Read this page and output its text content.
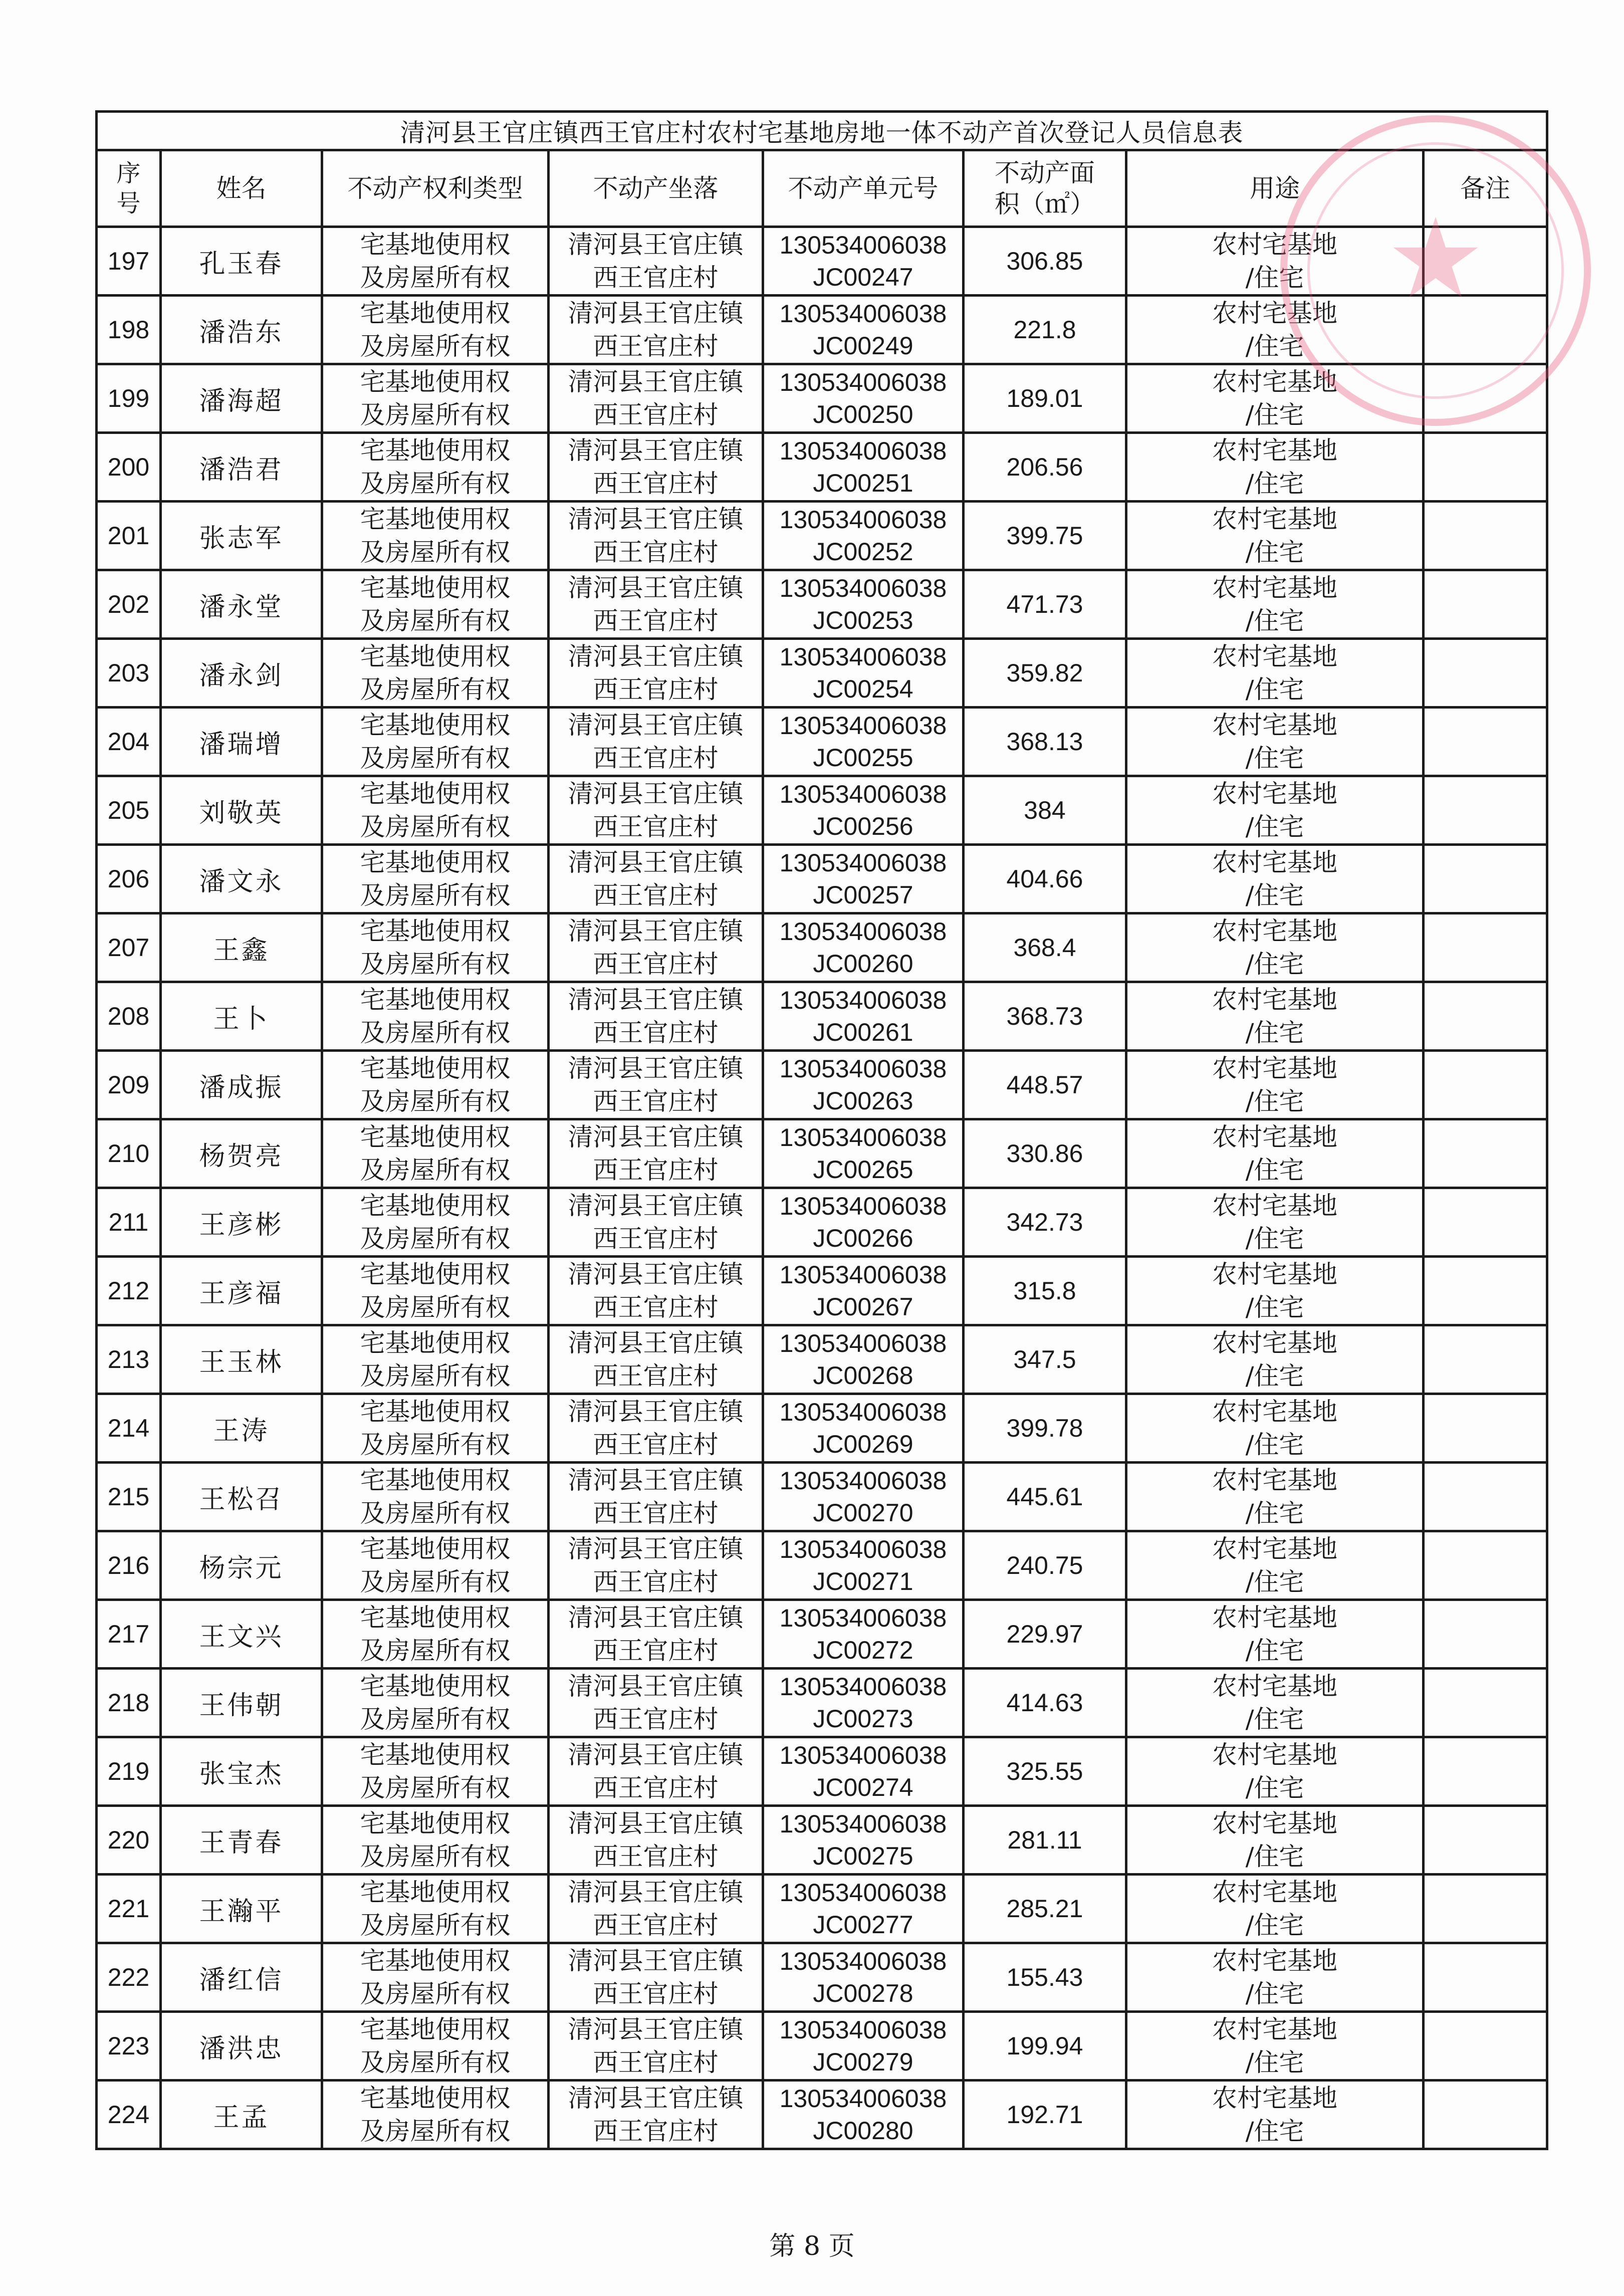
清河县王官庄镇西王官庄村农村宅基地房地一体不动产首次登记人员信息表							

序
号	姓名	不动产权利类型	不动产坐落	不动产单元号	不动产面
积（㎡）	用途	备注
197	孔玉春	宅基地使用权
及房屋所有权	清河县王官庄镇
西王官庄村	130534006038
JC00247	306.85	农村宅基地
/住宅	

198	潘浩东	宅基地使用权
及房屋所有权	清河县王官庄镇
西王官庄村	130534006038
JC00249	221.8	农村宅基地
/住宅	

199	潘海超	宅基地使用权
及房屋所有权	清河县王官庄镇
西王官庄村	130534006038
JC00250	189.01	农村宅基地
/住宅	

200	潘浩君	宅基地使用权
及房屋所有权	清河县王官庄镇
西王官庄村	130534006038
JC00251	206.56	农村宅基地
/住宅	

201	张志军	宅基地使用权
及房屋所有权	清河县王官庄镇
西王官庄村	130534006038
JC00252	399.75	农村宅基地
/住宅	

202	潘永堂	宅基地使用权
及房屋所有权	清河县王官庄镇
西王官庄村	130534006038
JC00253	471.73	农村宅基地
/住宅	

203	潘永剑	宅基地使用权
及房屋所有权	清河县王官庄镇
西王官庄村	130534006038
JC00254	359.82	农村宅基地
/住宅	

204	潘瑞增	宅基地使用权
及房屋所有权	清河县王官庄镇
西王官庄村	130534006038
JC00255	368.13	农村宅基地
/住宅	

205	刘敬英	宅基地使用权
及房屋所有权	清河县王官庄镇
西王官庄村	130534006038
JC00256	384	农村宅基地
/住宅	

206	潘文永	宅基地使用权
及房屋所有权	清河县王官庄镇
西王官庄村	130534006038
JC00257	404.66	农村宅基地
/住宅	

207	王鑫	宅基地使用权
及房屋所有权	清河县王官庄镇
西王官庄村	130534006038
JC00260	368.4	农村宅基地
/住宅	

208	王卜	宅基地使用权
及房屋所有权	清河县王官庄镇
西王官庄村	130534006038
JC00261	368.73	农村宅基地
/住宅	

209	潘成振	宅基地使用权
及房屋所有权	清河县王官庄镇
西王官庄村	130534006038
JC00263	448.57	农村宅基地
/住宅	

210	杨贺亮	宅基地使用权
及房屋所有权	清河县王官庄镇
西王官庄村	130534006038
JC00265	330.86	农村宅基地
/住宅	

211	王彦彬	宅基地使用权
及房屋所有权	清河县王官庄镇
西王官庄村	130534006038
JC00266	342.73	农村宅基地
/住宅	

212	王彦福	宅基地使用权
及房屋所有权	清河县王官庄镇
西王官庄村	130534006038
JC00267	315.8	农村宅基地
/住宅	

213	王玉林	宅基地使用权
及房屋所有权	清河县王官庄镇
西王官庄村	130534006038
JC00268	347.5	农村宅基地
/住宅	

214	王涛	宅基地使用权
及房屋所有权	清河县王官庄镇
西王官庄村	130534006038
JC00269	399.78	农村宅基地
/住宅	

215	王松召	宅基地使用权
及房屋所有权	清河县王官庄镇
西王官庄村	130534006038
JC00270	445.61	农村宅基地
/住宅	

216	杨宗元	宅基地使用权
及房屋所有权	清河县王官庄镇
西王官庄村	130534006038
JC00271	240.75	农村宅基地
/住宅	

217	王文兴	宅基地使用权
及房屋所有权	清河县王官庄镇
西王官庄村	130534006038
JC00272	229.97	农村宅基地
/住宅	

218	王伟朝	宅基地使用权
及房屋所有权	清河县王官庄镇
西王官庄村	130534006038
JC00273	414.63	农村宅基地
/住宅	

219	张宝杰	宅基地使用权
及房屋所有权	清河县王官庄镇
西王官庄村	130534006038
JC00274	325.55	农村宅基地
/住宅	

220	王青春	宅基地使用权
及房屋所有权	清河县王官庄镇
西王官庄村	130534006038
JC00275	281.11	农村宅基地
/住宅	

221	王瀚平	宅基地使用权
及房屋所有权	清河县王官庄镇
西王官庄村	130534006038
JC00277	285.21	农村宅基地
/住宅	

222	潘红信	宅基地使用权
及房屋所有权	清河县王官庄镇
西王官庄村	130534006038
JC00278	155.43	农村宅基地
/住宅	

223	潘洪忠	宅基地使用权
及房屋所有权	清河县王官庄镇
西王官庄村	130534006038
JC00279	199.94	农村宅基地
/住宅	

224	王孟	宅基地使用权
及房屋所有权	清河县王官庄镇
西王官庄村	130534006038
JC00280	192.71	农村宅基地
/住宅	

★
第 8 页
